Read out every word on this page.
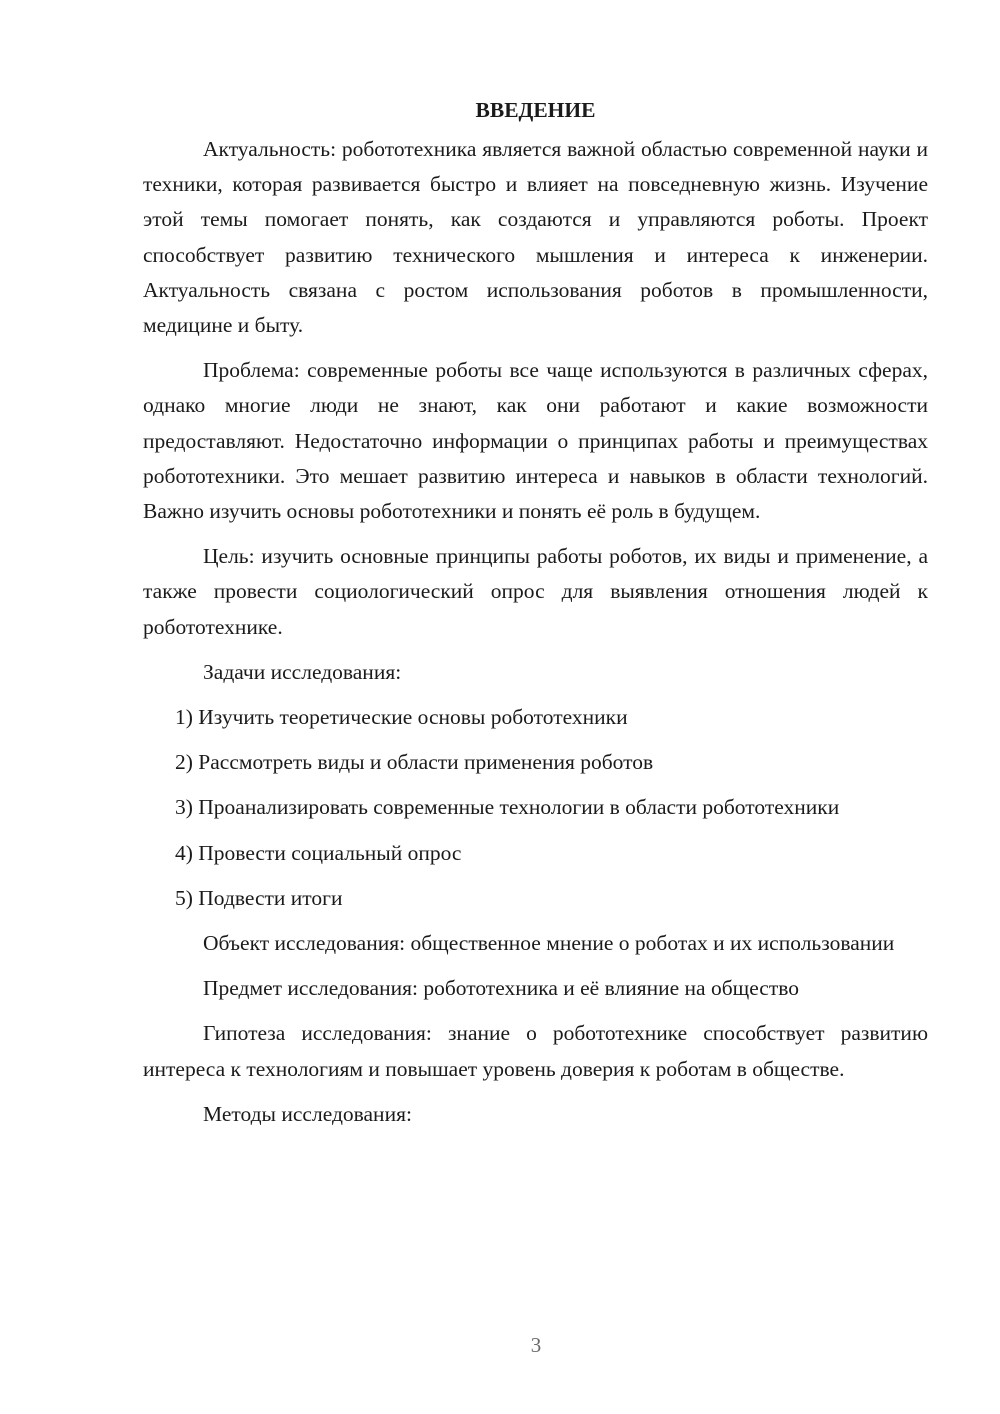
ВВЕДЕНИЕ

Актуальность: робототехника является важной областью современной науки и техники, которая развивается быстро и влияет на повседневную жизнь. Изучение этой темы помогает понять, как создаются и управляются роботы. Проект способствует развитию технического мышления и интереса к инженерии. Актуальность связана с ростом использования роботов в промышленности, медицине и быту.

Проблема: современные роботы все чаще используются в различных сферах, однако многие люди не знают, как они работают и какие возможности предоставляют. Недостаточно информации о принципах работы и преимуществах робототехники. Это мешает развитию интереса и навыков в области технологий. Важно изучить основы робототехники и понять её роль в будущем.

Цель: изучить основные принципы работы роботов, их виды и применение, а также провести социологический опрос для выявления отношения людей к робототехнике.

Задачи исследования:

1) Изучить теоретические основы робототехники

2) Рассмотреть виды и области применения роботов

3) Проанализировать современные технологии в области робототехники

4) Провести социальный опрос

5) Подвести итоги

Объект исследования: общественное мнение о роботах и их использовании

Предмет исследования: робототехника и её влияние на общество

Гипотеза исследования: знание о робототехнике способствует развитию интереса к технологиям и повышает уровень доверия к роботам в обществе.

Методы исследования:

3
